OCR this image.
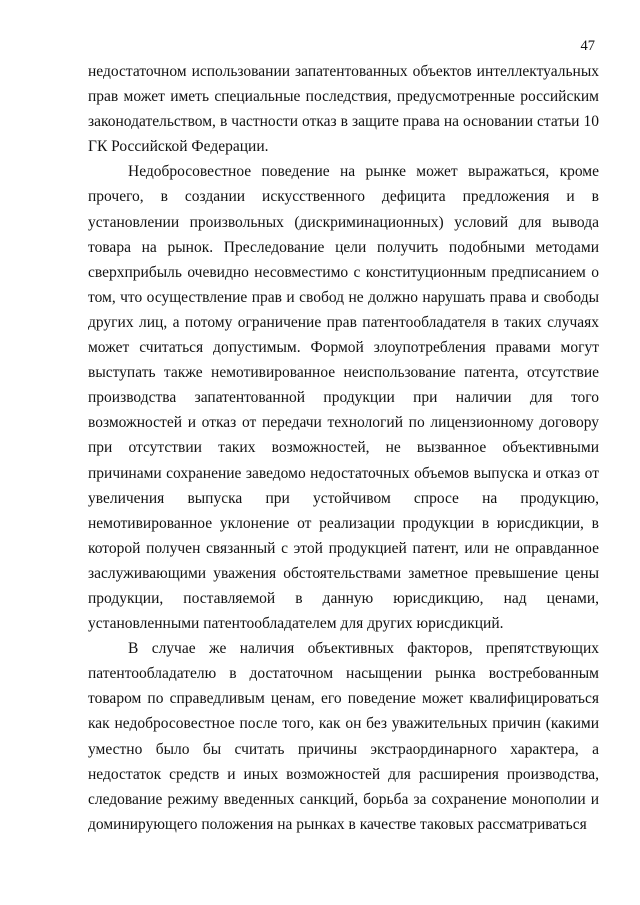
47

недостаточном использовании запатентованных объектов интеллектуальных прав может иметь специальные последствия, предусмотренные российским законодательством, в частности отказ в защите права на основании статьи 10 ГК Российской Федерации.

Недобросовестное поведение на рынке может выражаться, кроме прочего, в создании искусственного дефицита предложения и в установлении произвольных (дискриминационных) условий для вывода товара на рынок. Преследование цели получить подобными методами сверхприбыль очевидно несовместимо с конституционным предписанием о том, что осуществление прав и свобод не должно нарушать права и свободы других лиц, а потому ограничение прав патентообладателя в таких случаях может считаться допустимым. Формой злоупотребления правами могут выступать также немотивированное неиспользование патента, отсутствие производства запатентованной продукции при наличии для того возможностей и отказ от передачи технологий по лицензионному договору при отсутствии таких возможностей, не вызванное объективными причинами сохранение заведомо недостаточных объемов выпуска и отказ от увеличения выпуска при устойчивом спросе на продукцию, немотивированное уклонение от реализации продукции в юрисдикции, в которой получен связанный с этой продукцией патент, или не оправданное заслуживающими уважения обстоятельствами заметное превышение цены продукции, поставляемой в данную юрисдикцию, над ценами, установленными патентообладателем для других юрисдикций.

В случае же наличия объективных факторов, препятствующих патентообладателю в достаточном насыщении рынка востребованным товаром по справедливым ценам, его поведение может квалифицироваться как недобросовестное после того, как он без уважительных причин (какими уместно было бы считать причины экстраординарного характера, а недостаток средств и иных возможностей для расширения производства, следование режиму введенных санкций, борьба за сохранение монополии и доминирующего положения на рынках в качестве таковых рассматриваться
